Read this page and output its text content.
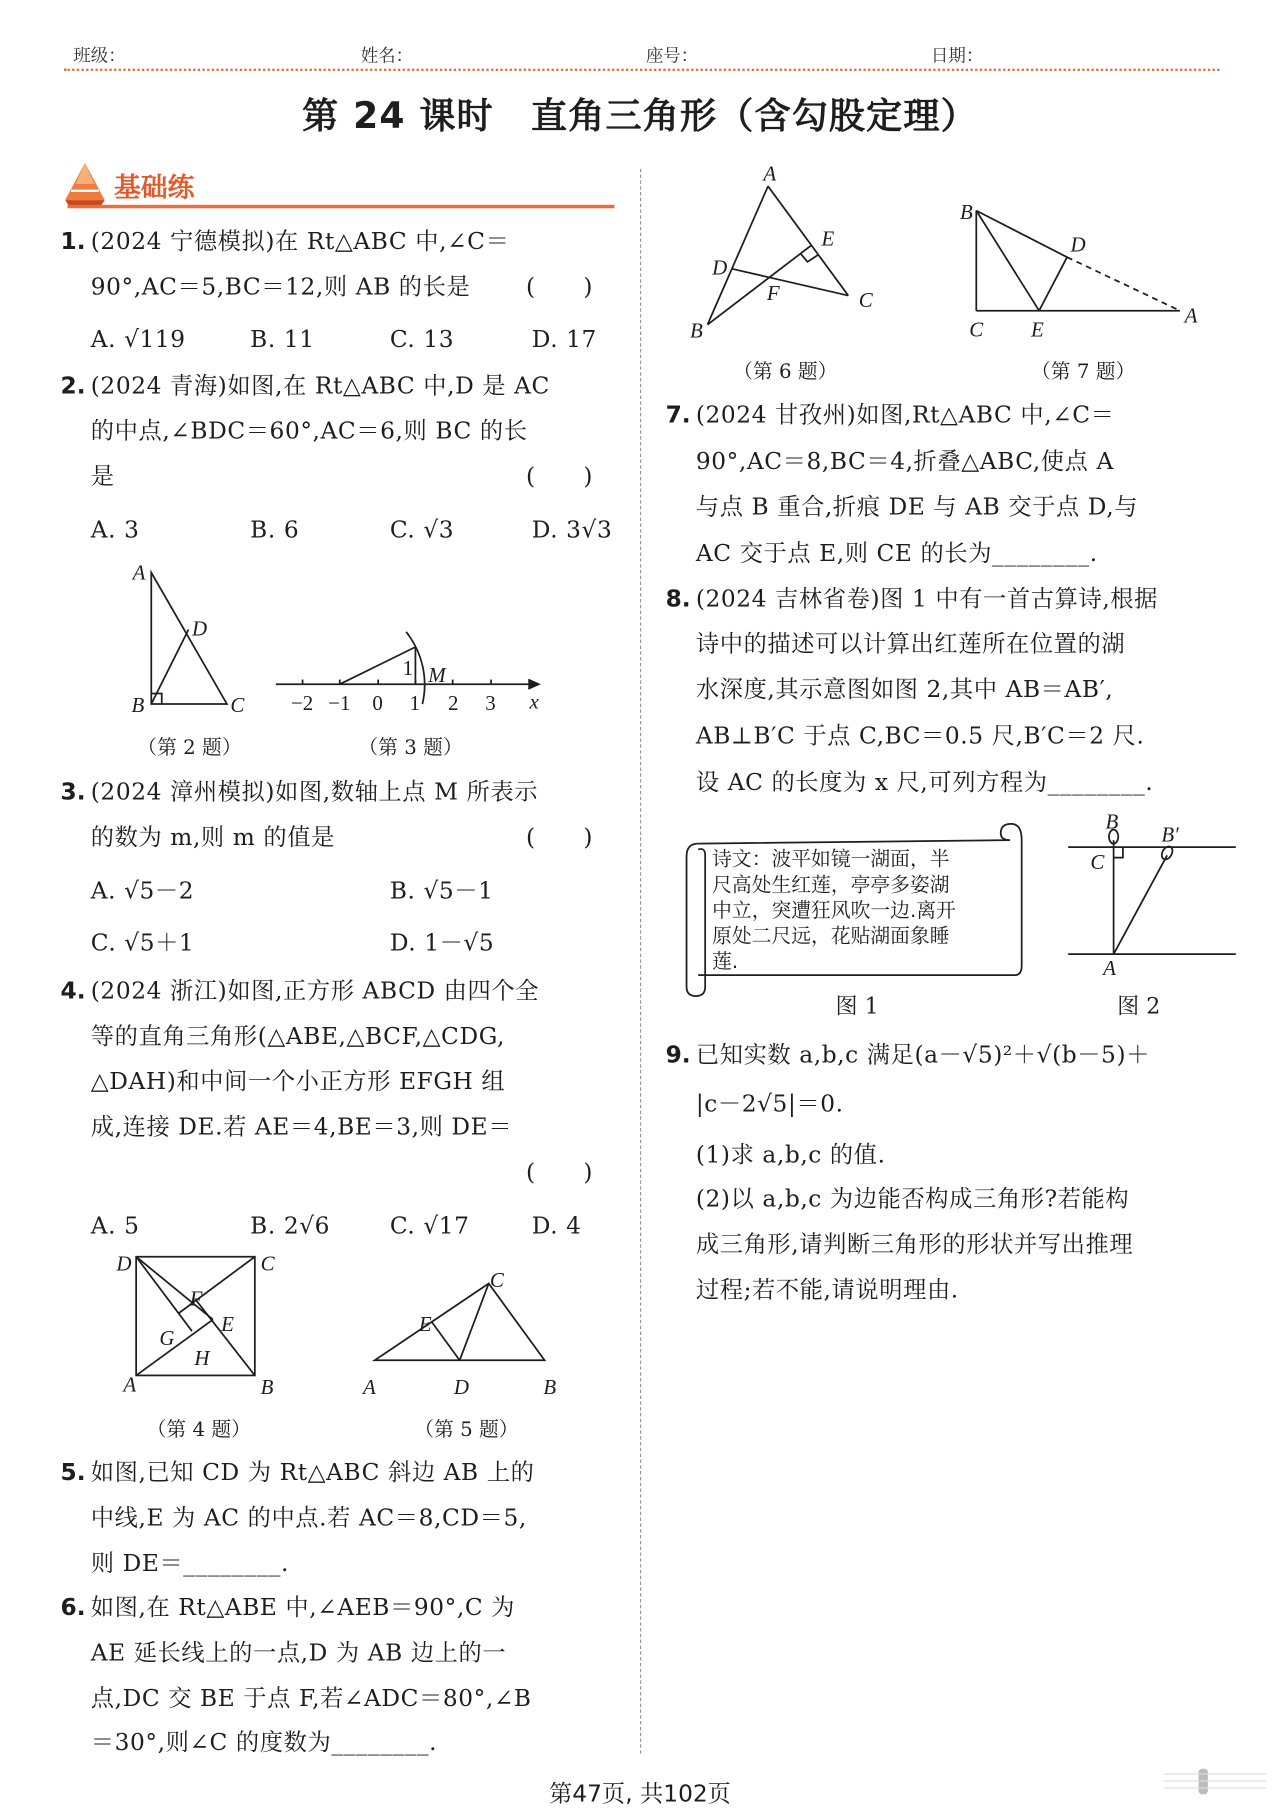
班级：	姓名：	座号：	日期：
第 24 课时　直角三角形（含勾股定理）
基础练
1. (2024 宁德模拟)在 Rt△ABC 中,∠C＝
90°,AC＝5,BC＝12,则 AB 的长是	(　　)
A. √119	B. 11	C. 13	D. 17
2. (2024 青海)如图,在 Rt△ABC 中,D 是 AC
的中点,∠BDC＝60°,AC＝6,则 BC 的长
是	(　　)
A. 3	B. 6	C. √3	D. 3√3
3. (2024 漳州模拟)如图,数轴上点 M 所表示
的数为 m,则 m 的值是	(　　)
A. √5－2	B. √5－1
C. √5＋1	D. 1－√5
4. (2024 浙江)如图,正方形 ABCD 由四个全
等的直角三角形(△ABE,△BCF,△CDG,
△DAH)和中间一个小正方形 EFGH 组
成,连接 DE.若 AE＝4,BE＝3,则 DE＝
(　　)
A. 5	B. 2√6	C. √17	D. 4
5. 如图,已知 CD 为 Rt△ABC 斜边 AB 上的
中线,E 为 AC 的中点.若 AC＝8,CD＝5,
则 DE＝________.
6. 如图,在 Rt△ABE 中,∠AEB＝90°,C 为
AE 延长线上的一点,D 为 AB 边上的一
点,DC 交 BE 于点 F,若∠ADC＝80°,∠B
＝30°,则∠C 的度数为________.
7. (2024 甘孜州)如图,Rt△ABC 中,∠C＝
90°,AC＝8,BC＝4,折叠△ABC,使点 A
与点 B 重合,折痕 DE 与 AB 交于点 D,与
AC 交于点 E,则 CE 的长为________.
8. (2024 吉林省卷)图 1 中有一首古算诗,根据
诗中的描述可以计算出红莲所在位置的湖
水深度,其示意图如图 2,其中 AB＝AB′,
AB⊥B′C 于点 C,BC＝0.5 尺,B′C＝2 尺.
设 AC 的长度为 x 尺,可列方程为________.
9. 已知实数 a,b,c 满足(a－√5)²＋√(b－5)＋
|c－2√5|＝0.
(1)求 a,b,c 的值.
(2)以 a,b,c 为边能否构成三角形?若能构
成三角形,请判断三角形的形状并写出推理
过程;若不能,请说明理由.
A
B	C
D
−2 −1 0 1 2 3 x
M
1
A	B
C
D
E
F
G
H
A	B
C
D
E
A
B
C
D
E
F
A
B
C
D
E
B
B′
C
A
（第 2 题）	（第 3 题）
（第 4 题）	（第 5 题）
（第 6 题）	（第 7 题）
诗文：波平如镜一湖面，半
尺高处生红莲，亭亭多姿湖
中立，突遭狂风吹一边.离开
原处二尺远，花贴湖面象睡
莲.
图 1	图 2
第47页, 共102页
